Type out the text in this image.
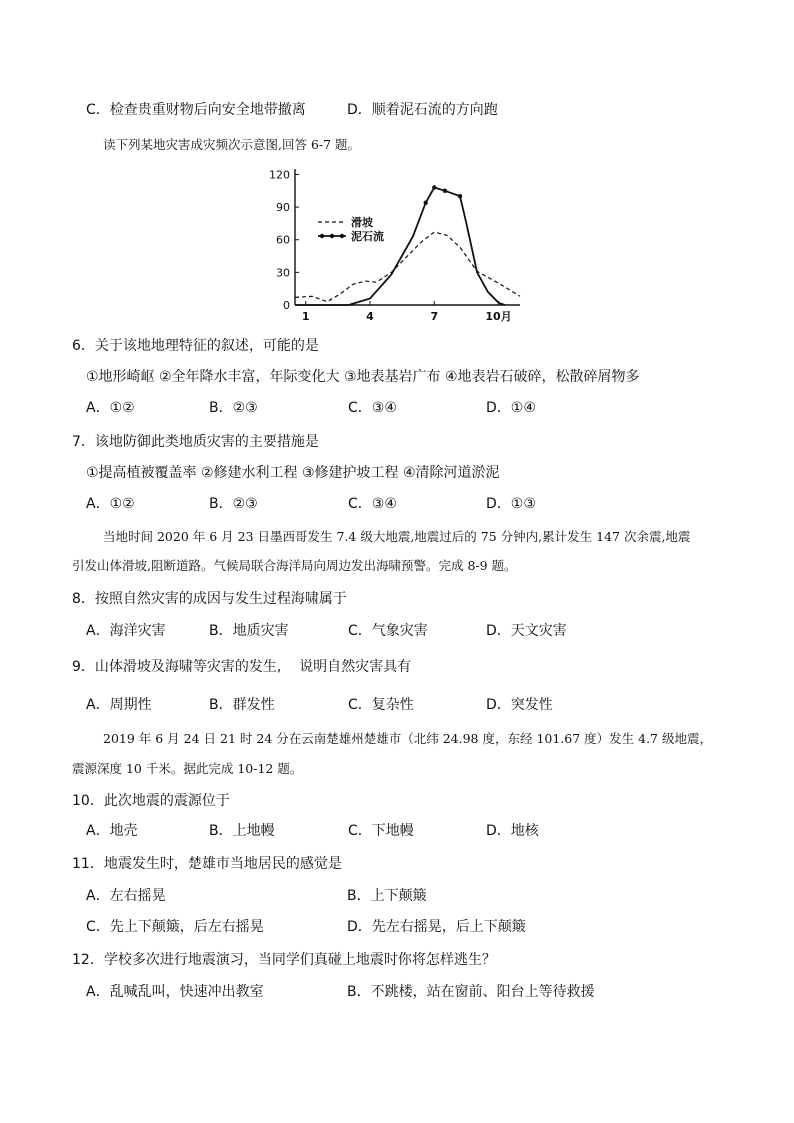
C．检查贵重财物后向安全地带撤离	D．顺着泥石流的方向跑
读下列某地灾害成灾频次示意图,回答 6-7 题。
0
30
60
90
120
1	4	7	10月
滑坡
泥石流
6．关于该地地理特征的叙述，可能的是
①地形崎岖 ②全年降水丰富，年际变化大 ③地表基岩广布 ④地表岩石破碎，松散碎屑物多
A．①②	B．②③	C．③④	D．①④
7．该地防御此类地质灾害的主要措施是
①提高植被覆盖率 ②修建水利工程 ③修建护坡工程 ④清除河道淤泥
A．①②	B．②③	C．③④	D．①③
当地时间 2020 年 6 月 23 日墨西哥发生 7.4 级大地震,地震过后的 75 分钟内,累计发生 147 次余震,地震
引发山体滑坡,阻断道路。气候局联合海洋局向周边发出海啸预警。完成 8-9 题。
8．按照自然灾害的成因与发生过程海啸属于
A．海洋灾害	B．地质灾害	C．气象灾害	D．天文灾害
9．山体滑坡及海啸等灾害的发生,    说明自然灾害具有
A．周期性	B．群发性	C．复杂性	D．突发性
2019 年 6 月 24 日 21 时 24 分在云南楚雄州楚雄市（北纬 24.98 度，东经 101.67 度）发生 4.7 级地震，
震源深度 10 千米。据此完成 10-12 题。
10．此次地震的震源位于
A．地壳	B．上地幔	C．下地幔	D．地核
11．地震发生时，楚雄市当地居民的感觉是
A．左右摇晃	B．上下颠簸
C．先上下颠簸，后左右摇晃	D．先左右摇晃，后上下颠簸
12．学校多次进行地震演习，当同学们真碰上地震时你将怎样逃生？
A．乱喊乱叫，快速冲出教室	B．不跳楼，站在窗前、阳台上等待救援
